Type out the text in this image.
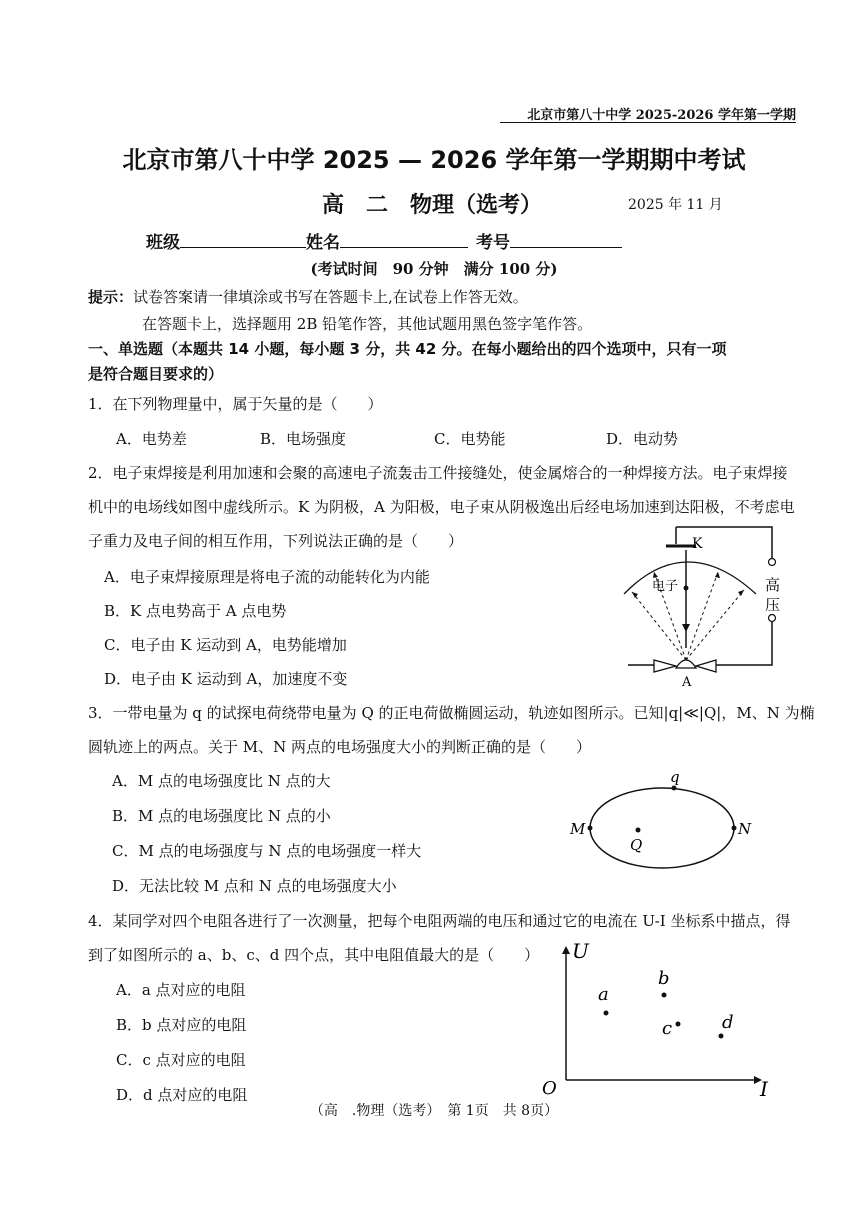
北京市第八十中学 2025-2026 学年第一学期
北京市第八十中学 2025 — 2026 学年第一学期期中考试
高　二　物理（选考）	2025 年 11 月
班级	姓名	考号
(考试时间　90 分钟　满分 100 分)
提示：试卷答案请一律填涂或书写在答题卡上,在试卷上作答无效。
在答题卡上，选择题用 2B 铅笔作答，其他试题用黑色签字笔作答。
一、单选题（本题共 14 小题，每小题 3 分，共 42 分。在每小题给出的四个选项中，只有一项
是符合题目要求的）
1．在下列物理量中，属于矢量的是（　　）
A．电势差	B．电场强度	C．电势能	D．电动势
2．电子束焊接是利用加速和会聚的高速电子流轰击工件接缝处，使金属熔合的一种焊接方法。电子束焊接
机中的电场线如图中虚线所示。K 为阴极，A 为阳极，电子束从阴极逸出后经电场加速到达阳极，不考虑电
子重力及电子间的相互作用，下列说法正确的是（　　）
A．电子束焊接原理是将电子流的动能转化为内能
B．K 点电势高于 A 点电势
C．电子由 K 运动到 A，电势能增加
D．电子由 K 运动到 A，加速度不变
K
电子	高
压
A
3．一带电量为 q 的试探电荷绕带电量为 Q 的正电荷做椭圆运动，轨迹如图所示。已知|q|≪|Q|，M、N 为椭
圆轨迹上的两点。关于 M、N 两点的电场强度大小的判断正确的是（　　）
A．M 点的电场强度比 N 点的大
B．M 点的电场强度比 N 点的小
C．M 点的电场强度与 N 点的电场强度一样大
D．无法比较 M 点和 N 点的电场强度大小
q
Q
M	N
4．某同学对四个电阻各进行了一次测量，把每个电阻两端的电压和通过它的电流在 U-I 坐标系中描点，得
到了如图所示的 a、b、c、d 四个点，其中电阻值最大的是（　　）
A．a 点对应的电阻
B．b 点对应的电阻
C．c 点对应的电阻
D．d 点对应的电阻
U
I
O
a
b
c	d
（高　.物理（选考）　第 1页　共 8页）
